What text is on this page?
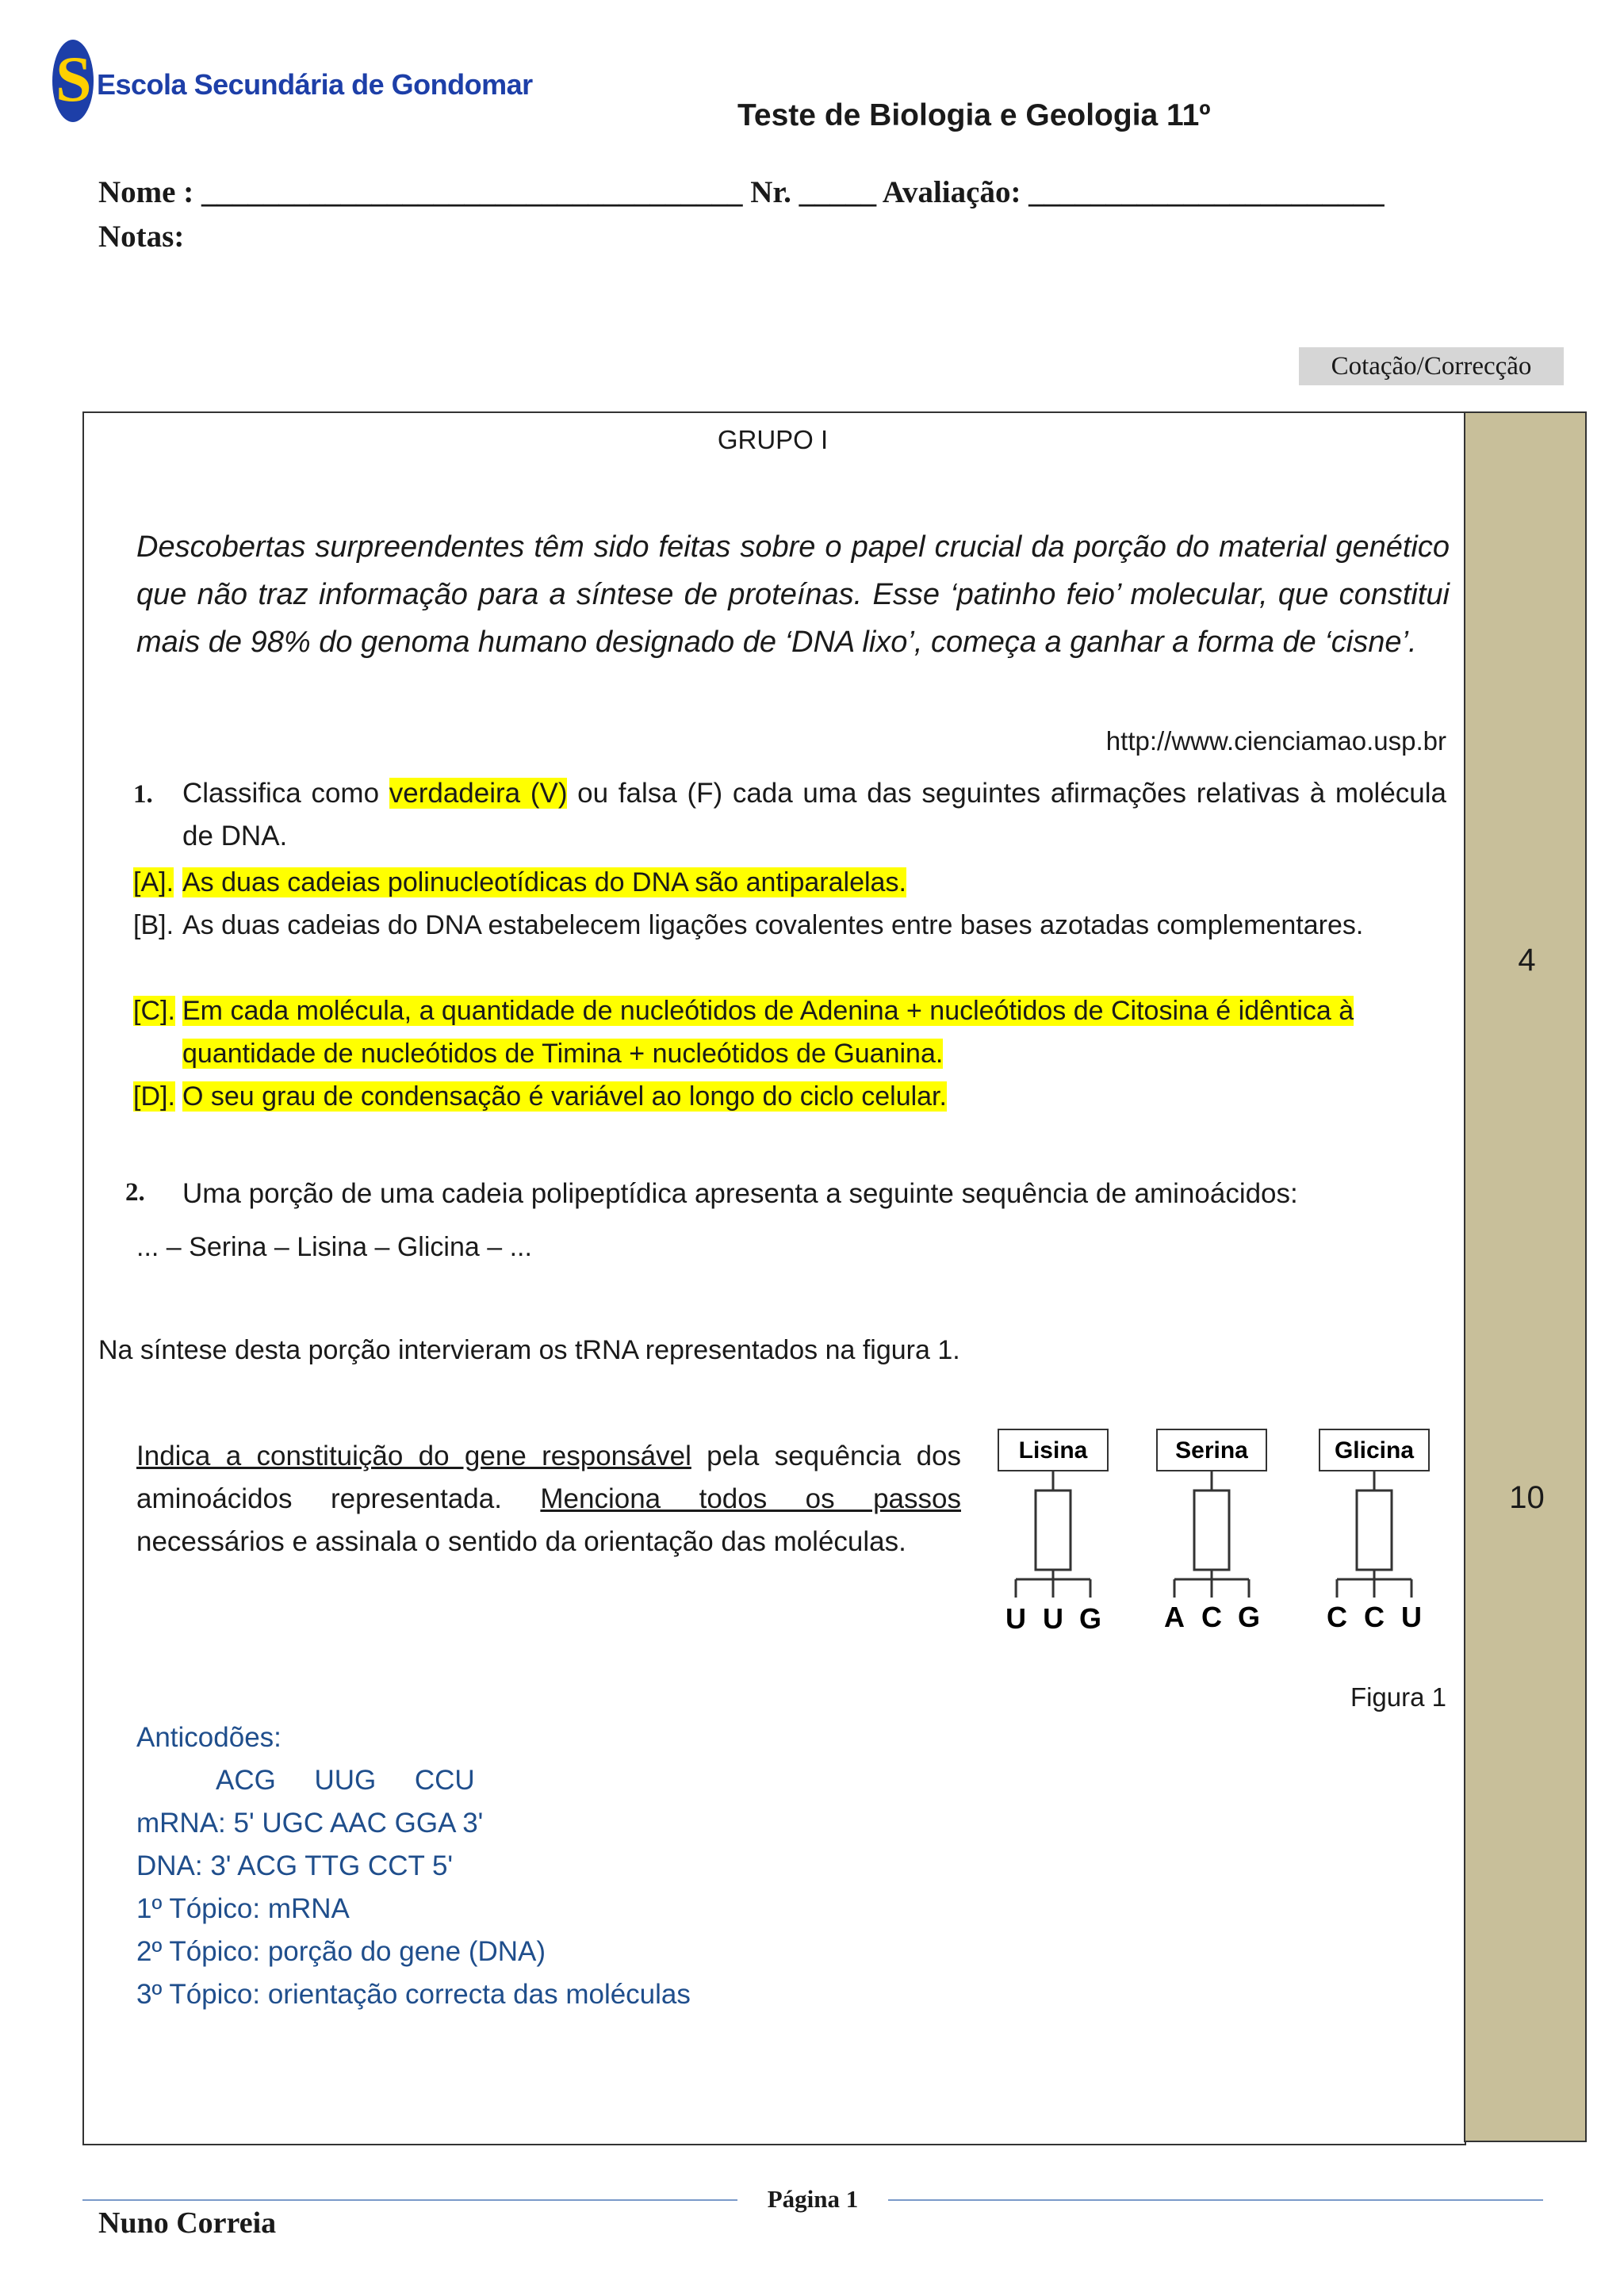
S Escola Secundária de Gondomar
Teste de Biologia e Geologia 11º
Nome : ___________________________________ Nr. _____ Avaliação: _______________________
Notas:
Cotação/Correcção
4
10
GRUPO I
Descobertas surpreendentes têm sido feitas sobre o papel crucial da porção do material genético que não traz informação para a síntese de proteínas. Esse ‘patinho feio’ molecular, que constitui mais de 98% do genoma humano designado de ‘DNA lixo’, começa a ganhar a forma de ‘cisne’.
http://www.cienciamao.usp.br
1. Classifica como verdadeira (V) ou falsa (F) cada uma das seguintes afirmações relativas à molécula de DNA.
[A]. As duas cadeias polinucleotídicas do DNA são antiparalelas.
[B]. As duas cadeias do DNA estabelecem ligações covalentes entre bases azotadas complementares.
[C]. Em cada molécula, a quantidade de nucleótidos de Adenina + nucleótidos de Citosina é idêntica à quantidade de nucleótidos de Timina + nucleótidos de Guanina.
[D]. O seu grau de condensação é variável ao longo do ciclo celular.
2. Uma porção de uma cadeia polipeptídica apresenta a seguinte sequência de aminoácidos:
... – Serina – Lisina – Glicina – ...
Na síntese desta porção intervieram os tRNA representados na figura 1.
Indica a constituição do gene responsável pela sequência dos aminoácidos representada. Menciona todos os passos necessários e assinala o sentido da orientação das moléculas.
Lisina
U U G
Serina
A C G
Glicina
C C U
Figura 1
Anticodões:
ACG     UUG     CCU
mRNA: 5' UGC AAC GGA 3'
DNA: 3' ACG TTG CCT 5'
1º Tópico: mRNA
2º Tópico: porção do gene (DNA)
3º Tópico: orientação correcta das moléculas
Página 1
Nuno Correia
